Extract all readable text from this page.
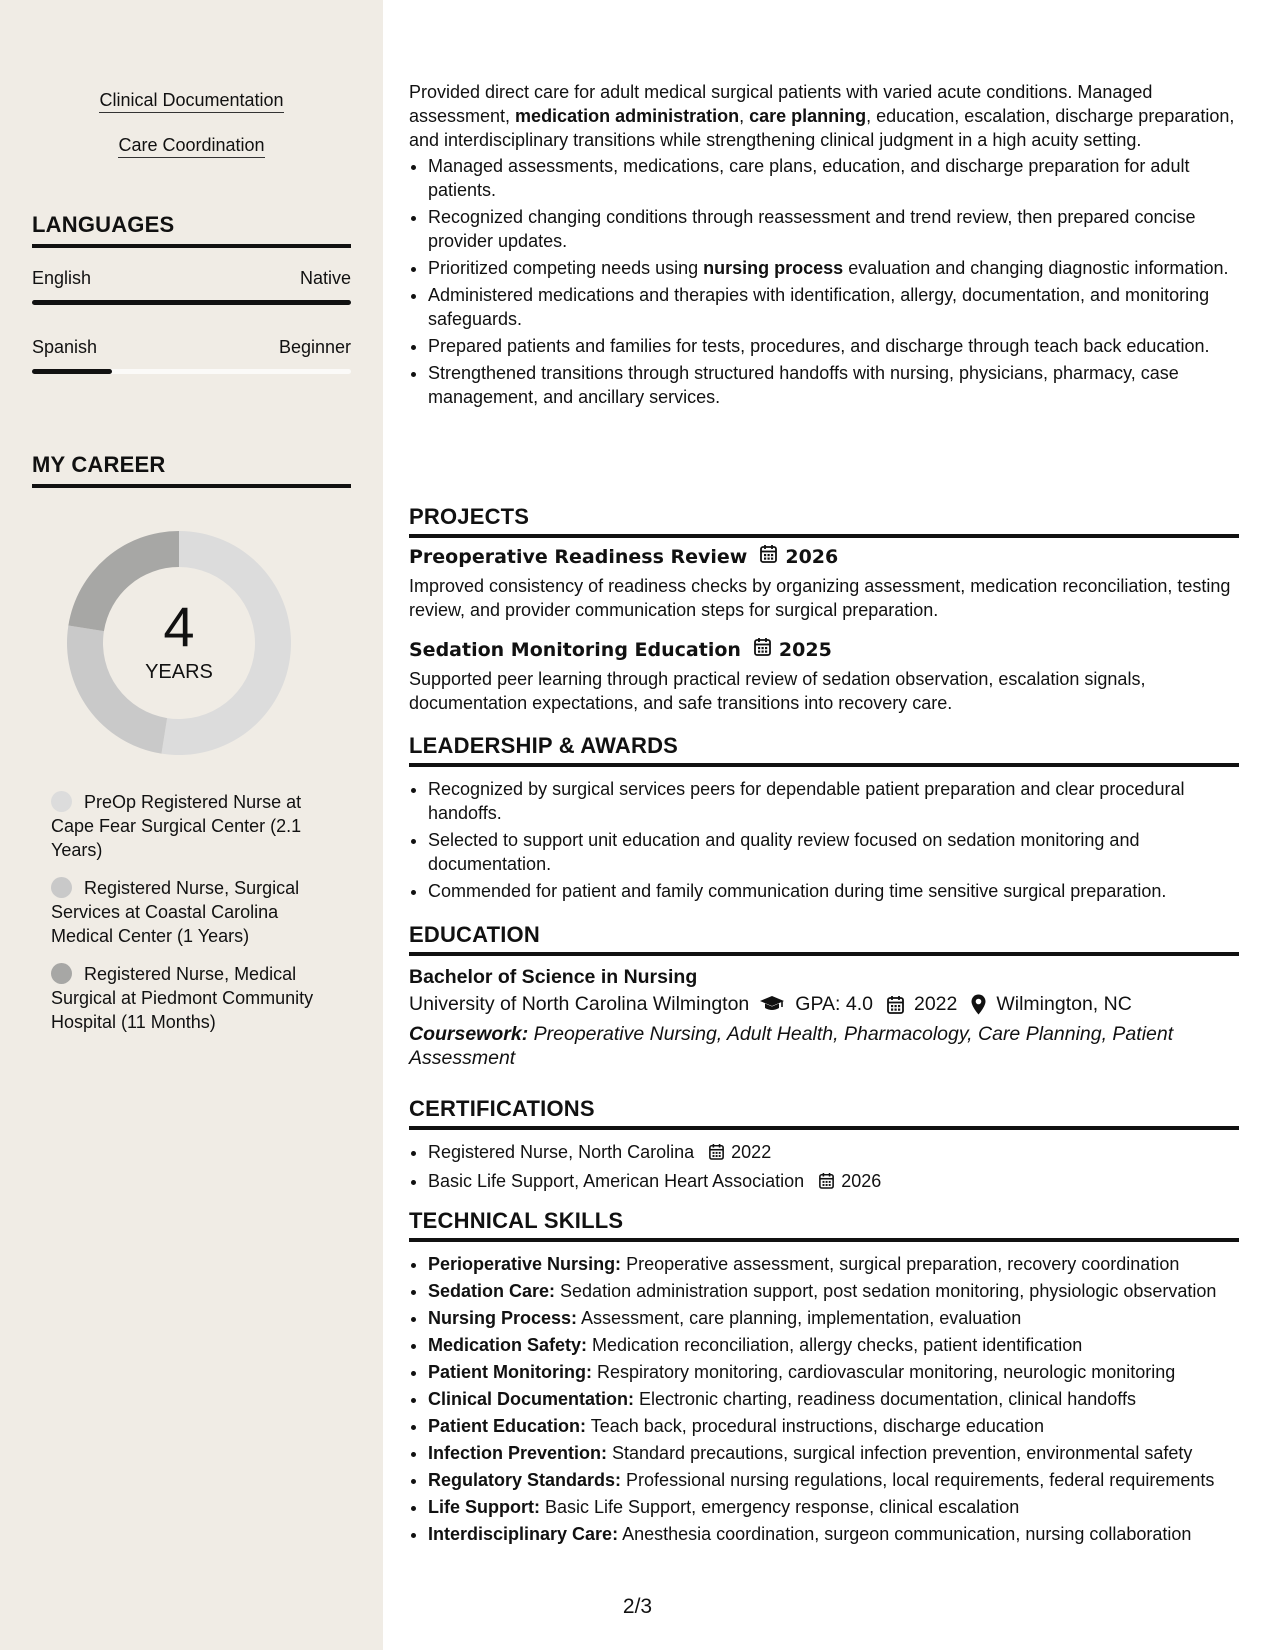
Clinical Documentation
Care Coordination
LANGUAGES
English	Native
Spanish	Beginner
MY CAREER
4
YEARS
PreOp Registered Nurse at Cape Fear Surgical Center (2.1 Years)
Registered Nurse, Surgical Services at Coastal Carolina Medical Center (1 Years)
Registered Nurse, Medical Surgical at Piedmont Community Hospital (11 Months)

Provided direct care for adult medical surgical patients with varied acute conditions. Managed assessment, medication administration, care planning, education, escalation, discharge preparation, and interdisciplinary transitions while strengthening clinical judgment in a high acuity setting.

• Managed assessments, medications, care plans, education, and discharge preparation for adult patients.
• Recognized changing conditions through reassessment and trend review, then prepared concise provider updates.
• Prioritized competing needs using nursing process evaluation and changing diagnostic information.
• Administered medications and therapies with identification, allergy, documentation, and monitoring safeguards.
• Prepared patients and families for tests, procedures, and discharge through teach back education.
• Strengthened transitions through structured handoffs with nursing, physicians, pharmacy, case management, and ancillary services.
PROJECTS
Preoperative Readiness Review 2026

Improved consistency of readiness checks by organizing assessment, medication reconciliation, testing review, and provider communication steps for surgical preparation.

Sedation Monitoring Education 2025

Supported peer learning through practical review of sedation observation, escalation signals, documentation expectations, and safe transitions into recovery care.

LEADERSHIP & AWARDS
• Recognized by surgical services peers for dependable patient preparation and clear procedural handoffs.
• Selected to support unit education and quality review focused on sedation monitoring and documentation.
• Commended for patient and family communication during time sensitive surgical preparation.
EDUCATION
Bachelor of Science in Nursing
University of North Carolina Wilmington GPA: 4.0 2022 Wilmington, NC
Coursework: Preoperative Nursing, Adult Health, Pharmacology, Care Planning, Patient Assessment
CERTIFICATIONS
• Registered Nurse, North Carolina 2022
• Basic Life Support, American Heart Association 2026
TECHNICAL SKILLS
• Perioperative Nursing: Preoperative assessment, surgical preparation, recovery coordination
• Sedation Care: Sedation administration support, post sedation monitoring, physiologic observation
• Nursing Process: Assessment, care planning, implementation, evaluation
• Medication Safety: Medication reconciliation, allergy checks, patient identification
• Patient Monitoring: Respiratory monitoring, cardiovascular monitoring, neurologic monitoring
• Clinical Documentation: Electronic charting, readiness documentation, clinical handoffs
• Patient Education: Teach back, procedural instructions, discharge education
• Infection Prevention: Standard precautions, surgical infection prevention, environmental safety
• Regulatory Standards: Professional nursing regulations, local requirements, federal requirements
• Life Support: Basic Life Support, emergency response, clinical escalation
• Interdisciplinary Care: Anesthesia coordination, surgeon communication, nursing collaboration
2/3
